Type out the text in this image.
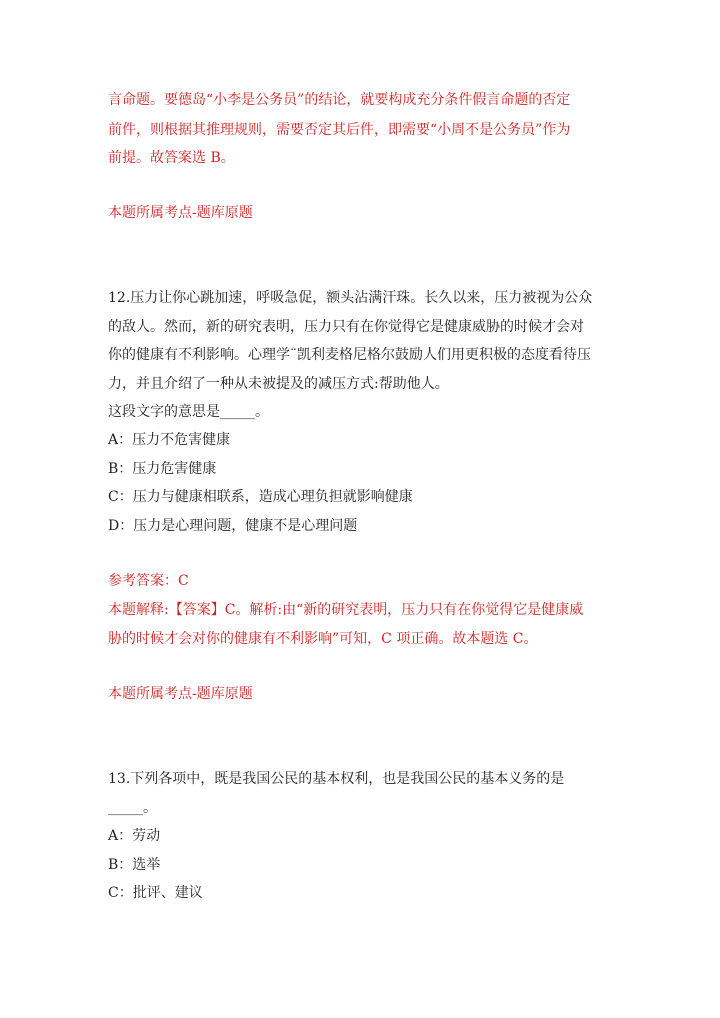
言命题。要德岛“小李是公务员”的结论，就要构成充分条件假言命题的否定
前件，则根据其推理规则，需要否定其后件，即需要“小周不是公务员”作为
前提。故答案选 B。
本题所属考点-题库原题
12.压力让你心跳加速，呼吸急促，额头沾满汗珠。长久以来，压力被视为公众
的敌人。然而，新的研究表明，压力只有在你觉得它是健康威胁的时候才会对
你的健康有不利影响。心理学¨凯利麦格尼格尔鼓励人们用更积极的态度看待压
力，并且介绍了一种从未被提及的减压方式:帮助他人。
这段文字的意思是_____。
A：压力不危害健康
B：压力危害健康
C：压力与健康相联系，造成心理负担就影响健康
D：压力是心理问题，健康不是心理问题
参考答案：C
本题解释:【答案】C。解析:由“新的研究表明，压力只有在你觉得它是健康威
胁的时候才会对你的健康有不利影响”可知，C 项正确。故本题选 C。
本题所属考点-题库原题
13.下列各项中，既是我国公民的基本权利，也是我国公民的基本义务的是
_____。
A：劳动
B：选举
C：批评、建议
